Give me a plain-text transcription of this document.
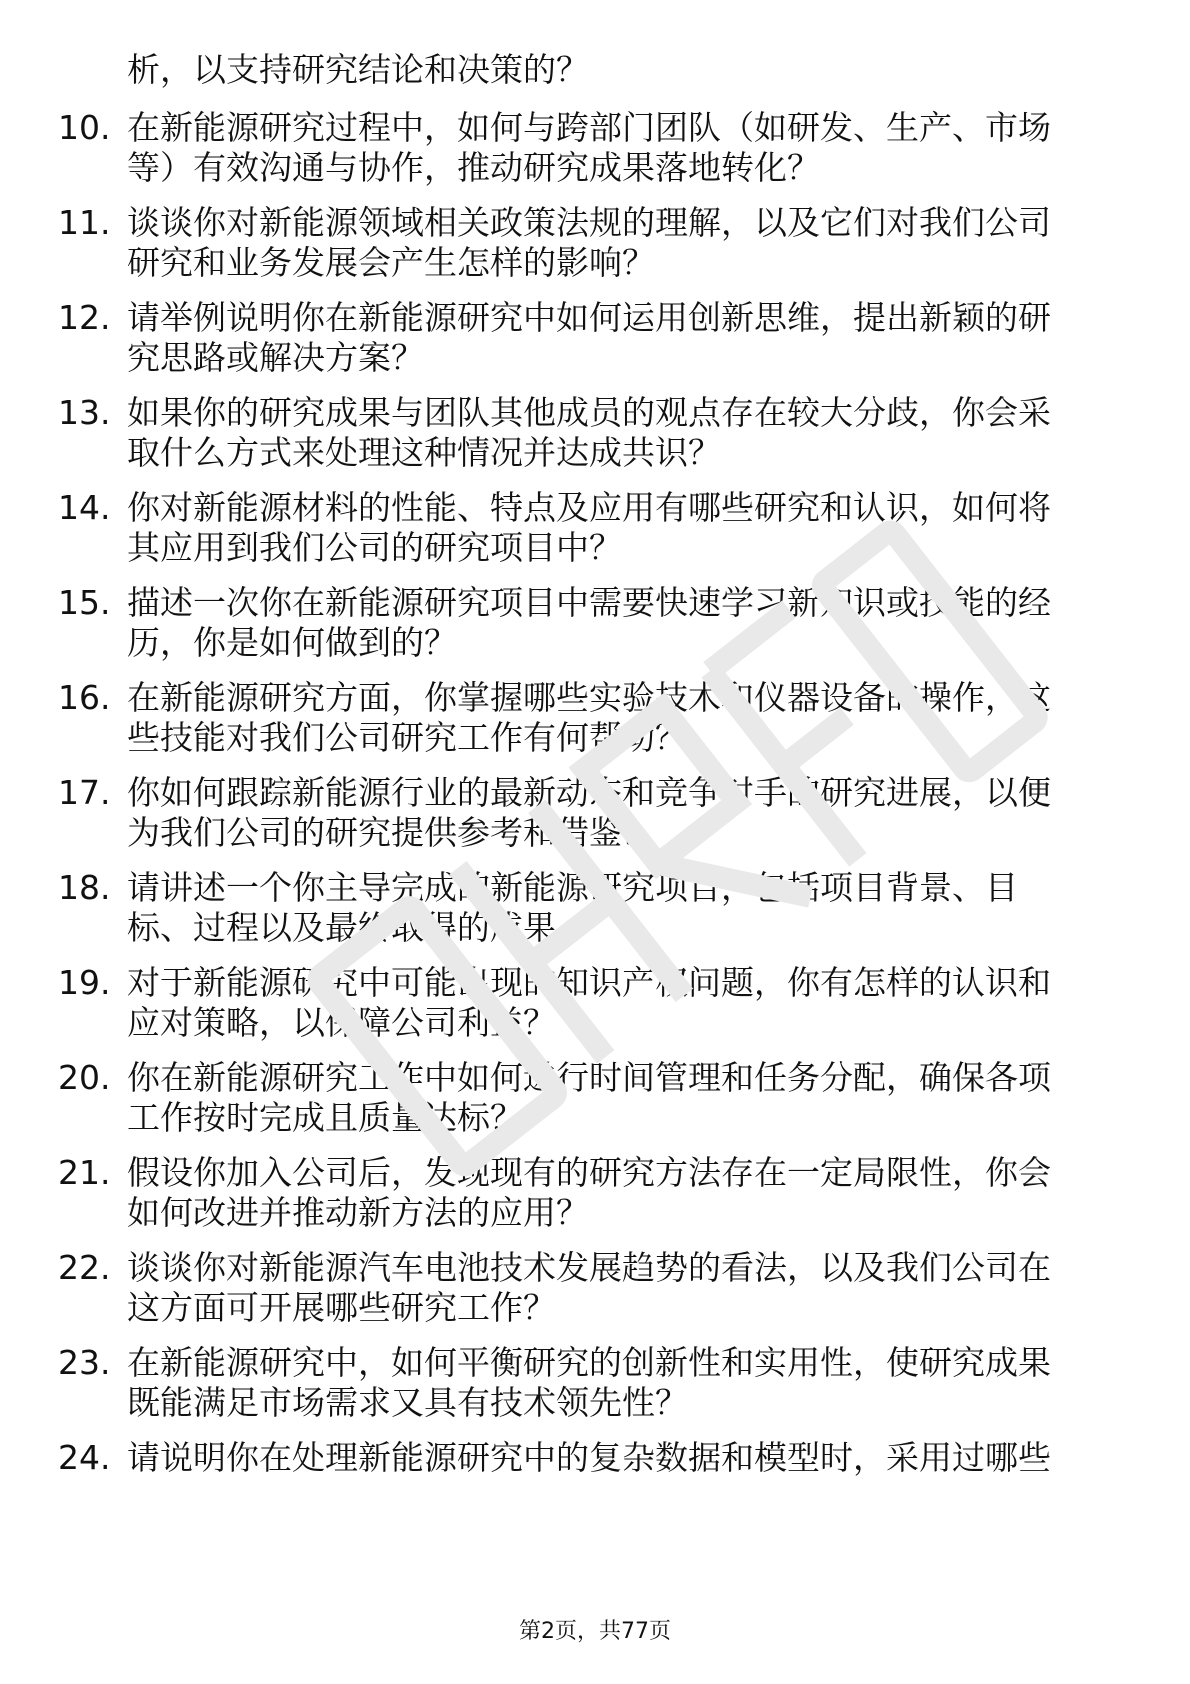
析，以支持研究结论和决策的？
10. 在新能源研究过程中，如何与跨部门团队（如研发、生产、市场
等）有效沟通与协作，推动研究成果落地转化？
11. 谈谈你对新能源领域相关政策法规的理解，以及它们对我们公司
研究和业务发展会产生怎样的影响？
12. 请举例说明你在新能源研究中如何运用创新思维，提出新颖的研
究思路或解决方案？
13. 如果你的研究成果与团队其他成员的观点存在较大分歧，你会采
取什么方式来处理这种情况并达成共识？
14. 你对新能源材料的性能、特点及应用有哪些研究和认识，如何将
其应用到我们公司的研究项目中？
15. 描述一次你在新能源研究项目中需要快速学习新知识或技能的经
历，你是如何做到的？
16. 在新能源研究方面，你掌握哪些实验技术和仪器设备的操作，这
些技能对我们公司研究工作有何帮助？
17. 你如何跟踪新能源行业的最新动态和竞争对手的研究进展，以便
为我们公司的研究提供参考和借鉴？
18. 请讲述一个你主导完成的新能源研究项目，包括项目背景、目
标、过程以及最终取得的成果。
19. 对于新能源研究中可能出现的知识产权问题，你有怎样的认识和
应对策略，以保障公司利益？
20. 你在新能源研究工作中如何进行时间管理和任务分配，确保各项
工作按时完成且质量达标？
21. 假设你加入公司后，发现现有的研究方法存在一定局限性，你会
如何改进并推动新方法的应用？
22. 谈谈你对新能源汽车电池技术发展趋势的看法，以及我们公司在
这方面可开展哪些研究工作？
23. 在新能源研究中，如何平衡研究的创新性和实用性，使研究成果
既能满足市场需求又具有技术领先性？
24. 请说明你在处理新能源研究中的复杂数据和模型时，采用过哪些
第2页，共77页
